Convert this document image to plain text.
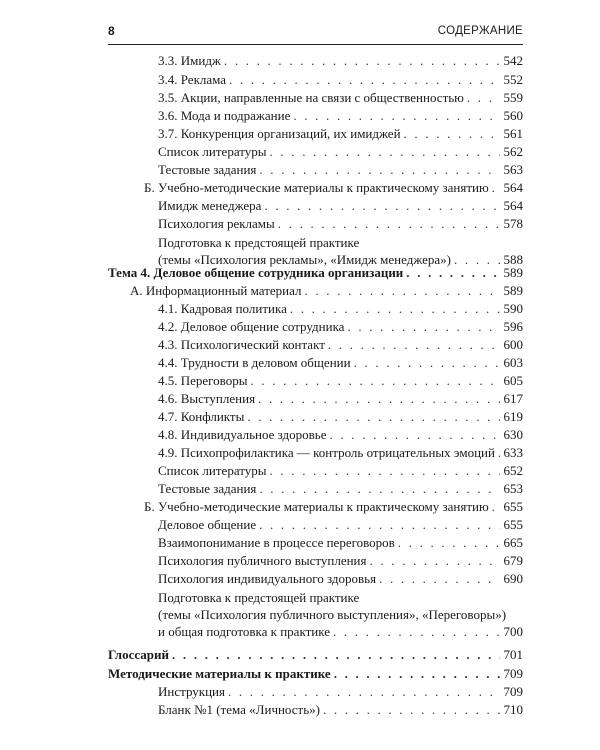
8	СОДЕРЖАНИЕ
3.3. Имидж . . .	542
3.4. Реклама . . .	552
3.5. Акции, направленные на связи с общественностью . . .	559
3.6. Мода и подражание . . .	560
3.7. Конкуренция организаций, их имиджей . . .	561
Список литературы . . .	562
Тестовые задания . . .	563
Б. Учебно-методические материалы к практическому занятию . . . 564
Имидж менеджера . . .	564
Психология рекламы . . .	578
Подготовка к предстоящей практике
(темы «Психология рекламы», «Имидж менеджера») . . .	588
Тема 4. Деловое общение сотрудника организации . . .	589
А. Информационный материал . . .	589
4.1. Кадровая политика . . .	590
4.2. Деловое общение сотрудника . . .	596
4.3. Психологический контакт . . .	600
4.4. Трудности в деловом общении . . .	603
4.5. Переговоры . . .	605
4.6. Выступления . . .	617
4.7. Конфликты . . .	619
4.8. Индивидуальное здоровье . . .	630
4.9. Психопрофилактика — контроль отрицательных эмоций . . . 633
Список литературы . . .	652
Тестовые задания . . .	653
Б. Учебно-методические материалы к практическому занятию . . . 655
Деловое общение . . .	655
Взаимопонимание в процессе переговоров . . .	665
Психология публичного выступления . . .	679
Психология индивидуального здоровья . . .	690
Подготовка к предстоящей практике
(темы «Психология публичного выступления», «Переговоры»)
и общая подготовка к практике . . .	700
Глоссарий . . .	701
Методические материалы к практике . . .	709
Инструкция . . .	709
Бланк №1 (тема «Личность») . . .	710
